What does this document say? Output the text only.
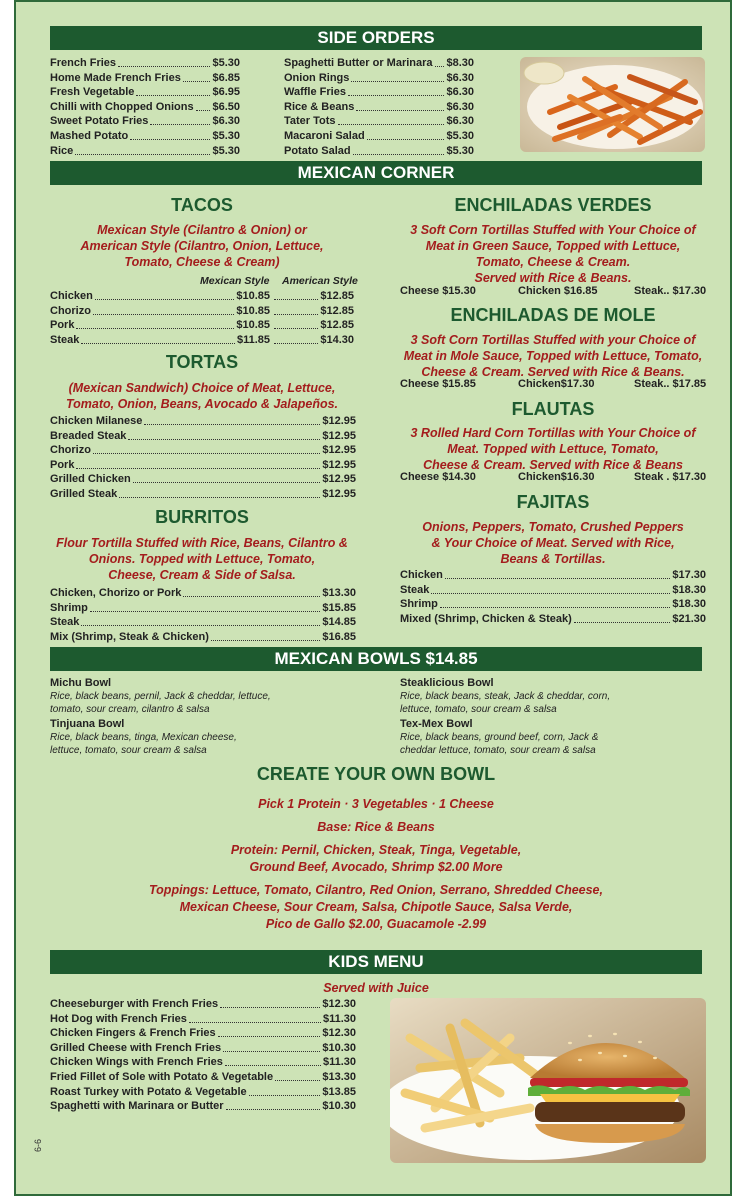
SIDE ORDERS
French Fries	$5.30
Home Made French Fries	$6.85
Fresh Vegetable	$6.95
Chilli with Chopped Onions $6.50
Sweet Potato Fries	$6.30
Mashed Potato	$5.30
Rice	$5.30
Spaghetti Butter or Marinara $8.30
Onion Rings	$6.30
Waffle Fries	$6.30
Rice & Beans	$6.30
Tater Tots	$6.30
Macaroni Salad	$5.30
Potato Salad	$5.30
MEXICAN CORNER
TACOS
Mexican Style (Cilantro & Onion) or
American Style (Cilantro, Onion, Lettuce,
Tomato, Cheese & Cream)
Mexican Style American Style
Chicken	$10.85	$12.85
Chorizo	$10.85	$12.85
Pork	$10.85	$12.85
Steak	$11.85	$14.30
TORTAS
(Mexican Sandwich) Choice of Meat, Lettuce,
Tomato, Onion, Beans, Avocado & Jalapeños.
Chicken Milanese	$12.95
Breaded Steak	$12.95
Chorizo	$12.95
Pork	$12.95
Grilled Chicken	$12.95
Grilled Steak	$12.95
BURRITOS
Flour Tortilla Stuffed with Rice, Beans, Cilantro &
Onions. Topped with Lettuce, Tomato,
Cheese, Cream & Side of Salsa.
Chicken, Chorizo or Pork	$13.30
Shrimp	$15.85
Steak	$14.85
Mix (Shrimp, Steak & Chicken)	$16.85
ENCHILADAS VERDES
3 Soft Corn Tortillas Stuffed with Your Choice of
Meat in Green Sauce, Topped with Lettuce,
Tomato, Cheese & Cream.
Served with Rice & Beans.
Cheese $15.30	Chicken $16.85	Steak.. $17.30
ENCHILADAS DE MOLE
3 Soft Corn Tortillas Stuffed with your Choice of
Meat in Mole Sauce, Topped with Lettuce, Tomato,
Cheese & Cream. Served with Rice & Beans.
Cheese $15.85	Chicken$17.30	Steak.. $17.85
FLAUTAS
3 Rolled Hard Corn Tortillas with Your Choice of
Meat. Topped with Lettuce, Tomato,
Cheese & Cream. Served with Rice & Beans
Cheese $14.30	Chicken$16.30	Steak . $17.30
FAJITAS
Onions, Peppers, Tomato, Crushed Peppers
& Your Choice of Meat. Served with Rice,
Beans & Tortillas.
Chicken	$17.30
Steak	$18.30
Shrimp	$18.30
Mixed (Shrimp, Chicken & Steak)	$21.30
MEXICAN BOWLS $14.85
Michu Bowl
Rice, black beans, pernil, Jack & cheddar, lettuce,
tomato, sour cream, cilantro & salsa
Tinjuana Bowl
Rice, black beans, tinga, Mexican cheese,
lettuce, tomato, sour cream & salsa
Steaklicious Bowl
Rice, black beans, steak, Jack & cheddar, corn,
lettuce, tomato, sour cream & salsa
Tex-Mex Bowl
Rice, black beans, ground beef, corn, Jack &
cheddar lettuce, tomato, sour cream & salsa
CREATE YOUR OWN BOWL
Pick 1 Protein · 3 Vegetables · 1 Cheese
Base: Rice & Beans
Protein: Pernil, Chicken, Steak, Tinga, Vegetable,
Ground Beef, Avocado, Shrimp $2.00 More
Toppings: Lettuce, Tomato, Cilantro, Red Onion, Serrano, Shredded Cheese,
Mexican Cheese, Sour Cream, Salsa, Chipotle Sauce, Salsa Verde,
Pico de Gallo $2.00, Guacamole -2.99
KIDS MENU
Served with Juice
Cheeseburger with French Fries	$12.30
Hot Dog with French Fries	$11.30
Chicken Fingers & French Fries	$12.30
Grilled Cheese with French Fries	$10.30
Chicken Wings with French Fries	$11.30
Fried Fillet of Sole with Potato & Vegetable	$13.30
Roast Turkey with Potato & Vegetable	$13.85
Spaghetti with Marinara or Butter	$10.30
6-6
